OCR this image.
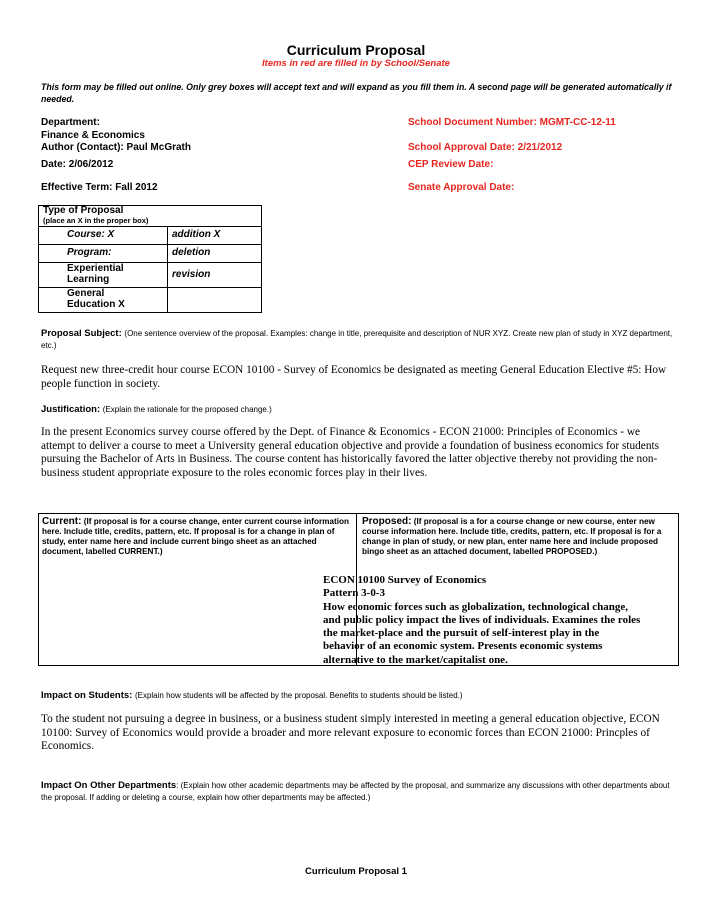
Curriculum Proposal
Items in red are filled in by School/Senate
This form may be filled out online. Only grey boxes will accept text and will expand as you fill them in. A second page will be generated automatically if needed.
Department:
Finance & Economics
Author (Contact): Paul McGrath
Date: 2/06/2012
Effective Term: Fall 2012
School Document Number: MGMT-CC-12-11
School Approval Date: 2/21/2012
CEP Review Date:
Senate Approval Date:
Type of Proposal
(place an X in the proper box)	

Course: X	addition X
Program:	deletion

Experiential
Learning	revision

General
Education X	

Proposal Subject: (One sentence overview of the proposal. Examples: change in title, prerequisite and description of NUR XYZ. Create new plan of study in XYZ department, etc.)
Request new three-credit hour course ECON 10100 - Survey of Economics be designated as meeting General Education Elective #5: How people function in society.
Justification: (Explain the rationale for the proposed change.)
In the present Economics survey course offered by the Dept. of Finance & Economics - ECON 21000: Principles of Economics - we attempt to deliver a course to meet a University general education objective and provide a foundation of business economics for students pursuing the Bachelor of Arts in Business. The course content has historically favored the latter objective thereby not providing the non-business student appropriate exposure to the roles economic forces play in their lives.
Current: (If proposal is for a course change, enter current course information here. Include title, credits, pattern, etc. If proposal is for a change in plan of study, enter name here and include current bingo sheet as an attached document, labelled CURRENT.)
Proposed: (If proposal is a for a course change or new course, enter new course information here. Include title, credits, pattern, etc. If proposal is for a change in plan of study, or new plan, enter name here and include proposed bingo sheet as an attached document, labelled PROPOSED.)
ECON 10100 Survey of Economics
Pattern 3-0-3
How economic forces such as globalization, technological change, and public policy impact the lives of individuals. Examines the roles the market-place and the pursuit of self-interest play in the behavior of an economic system. Presents economic systems alternative to the market/capitalist one.
Impact on Students: (Explain how students will be affected by the proposal. Benefits to students should be listed.)
To the student not pursuing a degree in business, or a business student simply interested in meeting a general education objective, ECON 10100: Survey of Economics would provide a broader and more relevant exposure to economic forces than ECON 21000: Princples of Economics.
Impact On Other Departments: (Explain how other academic departments may be affected by the proposal, and summarize any discussions with other departments about the proposal. If adding or deleting a course, explain how other departments may be affected.)
Curriculum Proposal 1
